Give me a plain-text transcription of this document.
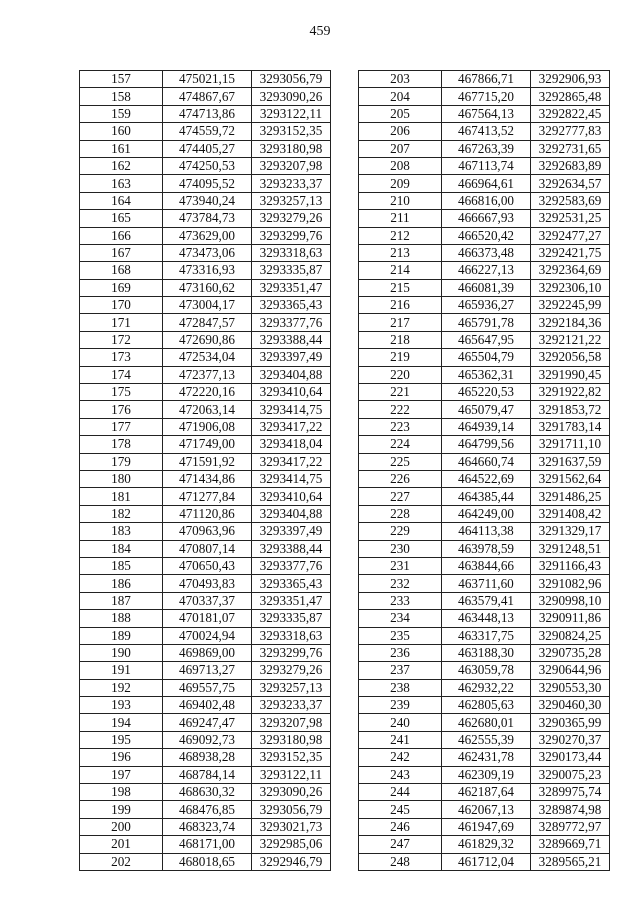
459
157	475021,15	3293056,79
158	474867,67	3293090,26
159	474713,86	3293122,11
160	474559,72	3293152,35
161	474405,27	3293180,98
162	474250,53	3293207,98
163	474095,52	3293233,37
164	473940,24	3293257,13
165	473784,73	3293279,26
166	473629,00	3293299,76
167	473473,06	3293318,63
168	473316,93	3293335,87
169	473160,62	3293351,47
170	473004,17	3293365,43
171	472847,57	3293377,76
172	472690,86	3293388,44
173	472534,04	3293397,49
174	472377,13	3293404,88
175	472220,16	3293410,64
176	472063,14	3293414,75
177	471906,08	3293417,22
178	471749,00	3293418,04
179	471591,92	3293417,22
180	471434,86	3293414,75
181	471277,84	3293410,64
182	471120,86	3293404,88
183	470963,96	3293397,49
184	470807,14	3293388,44
185	470650,43	3293377,76
186	470493,83	3293365,43
187	470337,37	3293351,47
188	470181,07	3293335,87
189	470024,94	3293318,63
190	469869,00	3293299,76
191	469713,27	3293279,26
192	469557,75	3293257,13
193	469402,48	3293233,37
194	469247,47	3293207,98
195	469092,73	3293180,98
196	468938,28	3293152,35
197	468784,14	3293122,11
198	468630,32	3293090,26
199	468476,85	3293056,79
200	468323,74	3293021,73
201	468171,00	3292985,06
202	468018,65	3292946,79
203	467866,71	3292906,93
204	467715,20	3292865,48
205	467564,13	3292822,45
206	467413,52	3292777,83
207	467263,39	3292731,65
208	467113,74	3292683,89
209	466964,61	3292634,57
210	466816,00	3292583,69
211	466667,93	3292531,25
212	466520,42	3292477,27
213	466373,48	3292421,75
214	466227,13	3292364,69
215	466081,39	3292306,10
216	465936,27	3292245,99
217	465791,78	3292184,36
218	465647,95	3292121,22
219	465504,79	3292056,58
220	465362,31	3291990,45
221	465220,53	3291922,82
222	465079,47	3291853,72
223	464939,14	3291783,14
224	464799,56	3291711,10
225	464660,74	3291637,59
226	464522,69	3291562,64
227	464385,44	3291486,25
228	464249,00	3291408,42
229	464113,38	3291329,17
230	463978,59	3291248,51
231	463844,66	3291166,43
232	463711,60	3291082,96
233	463579,41	3290998,10
234	463448,13	3290911,86
235	463317,75	3290824,25
236	463188,30	3290735,28
237	463059,78	3290644,96
238	462932,22	3290553,30
239	462805,63	3290460,30
240	462680,01	3290365,99
241	462555,39	3290270,37
242	462431,78	3290173,44
243	462309,19	3290075,23
244	462187,64	3289975,74
245	462067,13	3289874,98
246	461947,69	3289772,97
247	461829,32	3289669,71
248	461712,04	3289565,21
